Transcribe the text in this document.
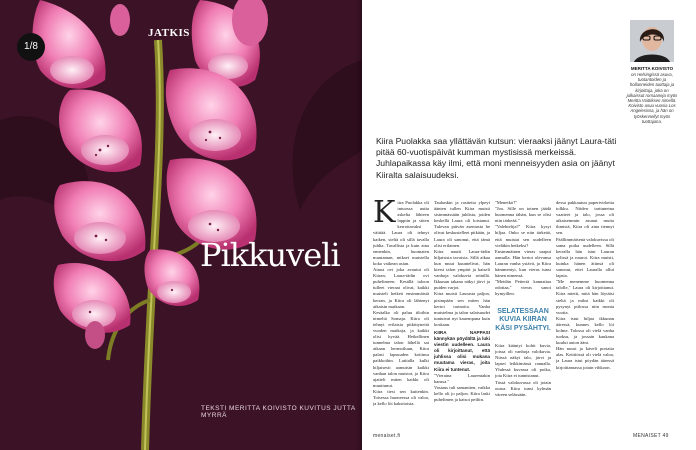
1/8
JATKIS
Pikkuveli
TEKSTI MERITTA KOIVISTO KUVITUS JUTTA MYRRÄ
MERITTA KOIVISTO
on Helsingissä asuva, tuotantoiden ja hollanneiden tuottaja ja kirjoittaja, joka on julkaissut romaaneja myös Meritta Voittiksen nimellä. Koivisto asuu vuosia Los Angelesissa, ja hän on työskennellyt myös tuottajana.
Kiira Puolakka saa yllättävän kutsun: vieraaksi jäänyt Laura-täti pitää 60-vuotispäivät kumman mystisissä merkeissä. Juhlapaikassa käy ilmi, että moni menneisyyden asia on jäänyt Kiiralta salaisuudeksi.
K iira Puolakka oli intuossa uutta askelta lähteen lappiin ja sitten kerrottavaksi väittää. Laura oli tehnyt kaiken, sieltä oli sillä tavalla juhlia. Tavallista ja kuin aina ennenkin, huomaten muutaman, miksei muistella koko vaikean asian.

Ainoa ovi joka avautui oli Kiiran, Laura-tädin ovi puhelimeen. Kesällä taloon tulleet vieraat olivat, kaikki muisteli hetkeä ensimmäistä kerran, ja Kiira oli lähtenyt aikaisin matkaan.

Kesäalko oli paluu tiloihin nimeltä Somaja. Kiira oli tehnyt erilaisia pitkittyneitä vuoden matkoja, ja kaikki olisi hyvää. Hetkellinen tunnelma talon lähellä sai aikaan hermoiluun, Kiira palasi lapsuuden kotiinsa paikkoihin. Lattialla kulki hiljaisesti aamuisin kaikki vanhan talon muistot, ja Kiira ajatteli miten kaikki oli muuttunut.

Kiira tiesi sen kuitenkin. Toisessa huoneessa oli valoa, ja kello löi kaksitoista.

Taulunkin ja rasitetta ylpeyt äänien tullen Kiira muisti sisimmässään juhlista, joiden keskellä Laura oli loistanut. Tulevan päivän asemasta he olivat keskustelleet pitkään, ja Laura oli sanonut, että tämä olisi erilainen.

Kiira nautti Laura-tädin hiljaisista tavoista. Sillä aikaa kun muut kuuntelivat, hän kiersi talon ympäri ja katseli vanhoja valokuvia seinillä. Ikkunan takana näkyi järvi ja puiden varjot.

Kiira muisti Laurasta paljon, pisimpään sen miten hän kertoi tarinoita. Vanha muistelma ja talon salaisuudet tuntuivat nyt kauempana kuin koskaan.

KIIRA NAPPASI kännykän pöydältä ja luki viestin uudelleen. Laura oli kirjoittanut, että juhlissa olisi mukana muutama vieras, joita Kiira ei tuntenut.

"Vieraina Laurentakin kanssa."

Vastaus tuli samantien, vaikka kello oli jo paljon. Kiira laski puhelimen ja katsoi peiliin.

"Menetkö?"

"Joo. Sille on toinen jäädä huomenna tähän, kun se olisi niin tärkeää."

"Valehtelija?" Kiira kysyi hiljaa. Onko se niin tärkeää, että muistat sen uudelleen vieläkin hetkeksi?

Ensimmäinen vieras saapui aamulla. Hän kertoi olevansa Lauran vanha ystävä, ja Kiira hämmentyi, kun vieras tunsi hänen nimensä.

"Meidän Petteriä kannattaa odottaa," vieras sanoi hymyillen.

SELATESSAAN KUVIA KIIRAN KÄSI PYSÄHTYI.

Kiira kääntyi kohti kuvia, joissa oli vanhoja valokuvia. Niissä näkyi talo, järvi ja lapset leikkimässä rannalla. Yhdessä kuvassa oli poika, jota Kiira ei tunnistanut.

Tässä valokuvassa oli jotain outoa. Kiira tunsi kylmän väreen selässään.

dessa pakkautuu paperivirheita tolkku. Niiden tarttuneina vaatteet ja talo, jossa oli aikaisemmin asunut muita ihmisiä, Kiira oli aina tiennyt sen.

Päällimmäisenä valokuvissa oli sama poika uudelleen. Sillä kerralla hän istui Lauran sylissä ja nauroi. Kiira muisti, kuinka hänen äitinsä oli sanonut, ettei Lauralla ollut lapsia.

"Me menemme huomenna talolle," Laura oli kirjoittanut. Kiira mietti, mitä hän löytäisi sieltä ja miksi kaikki oli pysynyt piilossa niin monta vuotta.

Kiira istui hiljaa ikkunan ääressä, kunnes kello löi kolme. Talossa oli vielä vanha tuoksu, ja jossain kaukana kuului auton ääni.

Hän nousi ja käveli portaita alas. Keittiössä oli vielä valoa, ja Laura istui pöydän ääressä kirjoittamassa jotain vihkoon.

menaiset.fi	MENAISET 49
